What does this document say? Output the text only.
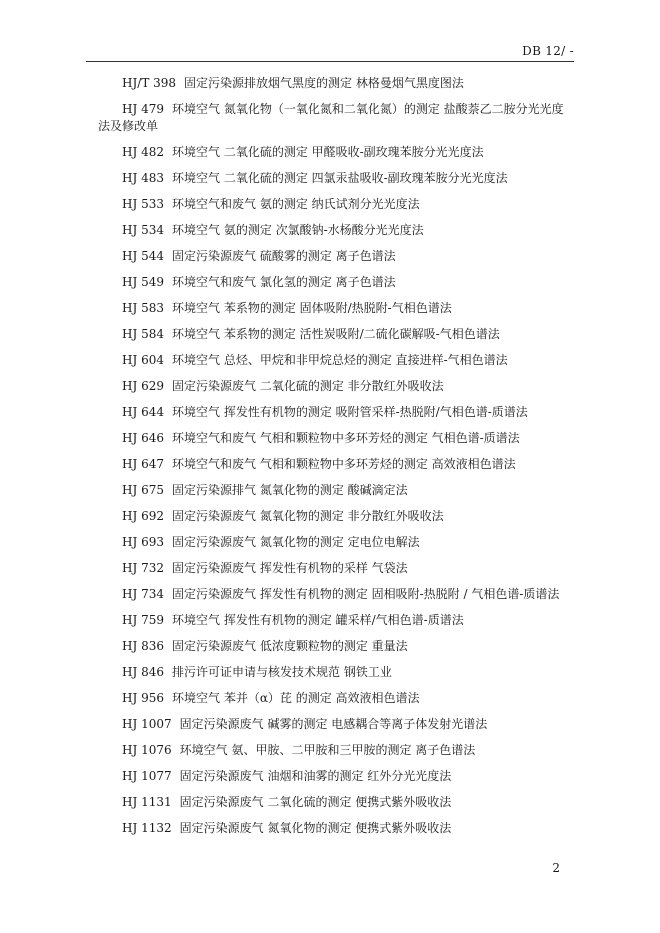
DB 12/ -
HJ/T 398 固定污染源排放烟气黑度的测定 林格曼烟气黑度图法
HJ 479 环境空气 氮氧化物（一氧化氮和二氧化氮）的测定 盐酸萘乙二胺分光光度法及修改单
HJ 482 环境空气 二氧化硫的测定 甲醛吸收-副玫瑰苯胺分光光度法
HJ 483 环境空气 二氧化硫的测定 四氯汞盐吸收-副玫瑰苯胺分光光度法
HJ 533 环境空气和废气 氨的测定 纳氏试剂分光光度法
HJ 534 环境空气 氨的测定 次氯酸钠-水杨酸分光光度法
HJ 544 固定污染源废气 硫酸雾的测定 离子色谱法
HJ 549 环境空气和废气 氯化氢的测定 离子色谱法
HJ 583 环境空气 苯系物的测定 固体吸附/热脱附-气相色谱法
HJ 584 环境空气 苯系物的测定 活性炭吸附/二硫化碳解吸-气相色谱法
HJ 604 环境空气 总烃、甲烷和非甲烷总烃的测定 直接进样-气相色谱法
HJ 629 固定污染源废气 二氧化硫的测定 非分散红外吸收法
HJ 644 环境空气 挥发性有机物的测定 吸附管采样-热脱附/气相色谱-质谱法
HJ 646 环境空气和废气 气相和颗粒物中多环芳烃的测定 气相色谱-质谱法
HJ 647 环境空气和废气 气相和颗粒物中多环芳烃的测定 高效液相色谱法
HJ 675 固定污染源排气 氮氧化物的测定 酸碱滴定法
HJ 692 固定污染源废气 氮氧化物的测定 非分散红外吸收法
HJ 693 固定污染源废气 氮氧化物的测定 定电位电解法
HJ 732 固定污染源废气 挥发性有机物的采样 气袋法
HJ 734 固定污染源废气 挥发性有机物的测定 固相吸附-热脱附 / 气相色谱-质谱法
HJ 759 环境空气 挥发性有机物的测定 罐采样/气相色谱-质谱法
HJ 836 固定污染源废气 低浓度颗粒物的测定 重量法
HJ 846 排污许可证申请与核发技术规范 钢铁工业
HJ 956 环境空气 苯并（α）芘 的测定 高效液相色谱法
HJ 1007 固定污染源废气 碱雾的测定 电感耦合等离子体发射光谱法
HJ 1076 环境空气 氨、甲胺、二甲胺和三甲胺的测定 离子色谱法
HJ 1077 固定污染源废气 油烟和油雾的测定 红外分光光度法
HJ 1131 固定污染源废气 二氧化硫的测定 便携式紫外吸收法
HJ 1132 固定污染源废气 氮氧化物的测定 便携式紫外吸收法
2
